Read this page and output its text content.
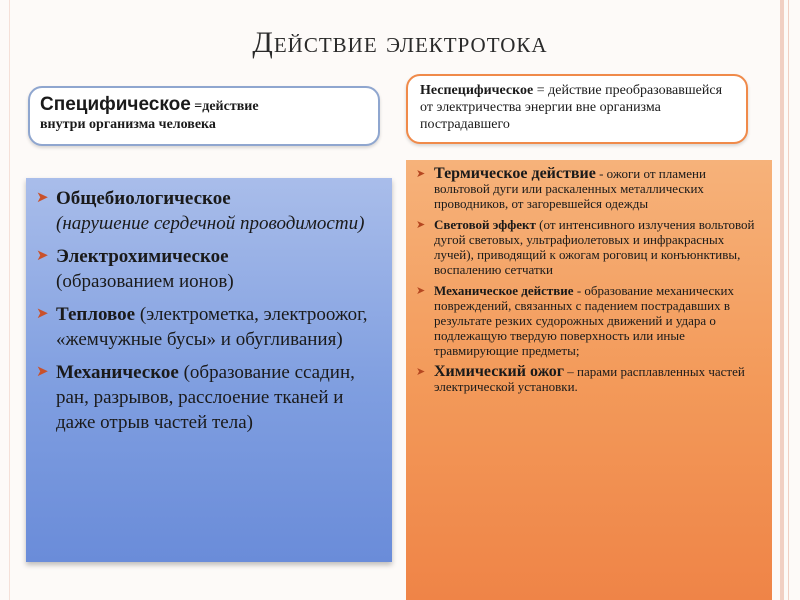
Действие электротока
Специфическое =действие
внутри организма человека
Неспецифическое = действие преобразовавшейся от электричества энергии вне организма пострадавшего
➤ Общебиологическое
(нарушение сердечной проводимости)
➤ Электрохимическое
(образованием ионов)
➤ Тепловое (электрометка, электроожог, «жемчужные бусы» и обугливания)
➤ Механическое (образование ссадин, ран, разрывов, расслоение тканей и даже отрыв частей тела)
➤ Термическое действие - ожоги от пламени вольтовой дуги или раскаленных металлических проводников, от загоревшейся одежды
➤ Световой эффект (от интенсивного излучения вольтовой дугой световых, ультрафиолетовых и инфракрасных лучей), приводящий к ожогам роговиц и конъюнктивы, воспалению сетчатки
➤ Механическое действие - образование механических повреждений, связанных с падением пострадавших в результате резких судорожных движений и удара о подлежащую твердую поверхность или иные травмирующие предметы;
➤ Химический ожог – парами расплавленных частей электрической установки.
